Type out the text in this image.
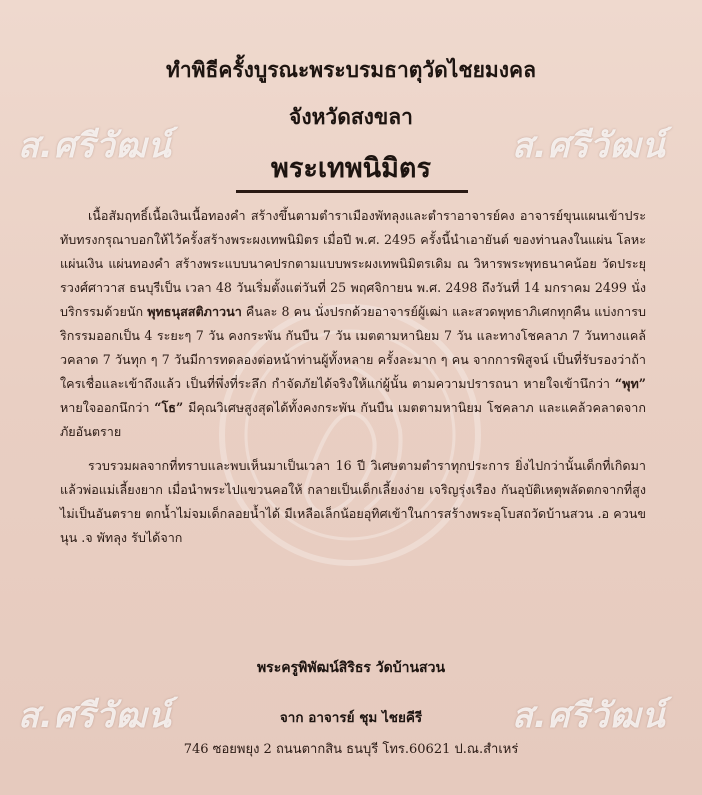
ส.ศรีวัฒน์	ส.ศรีวัฒน์
ส.ศรีวัฒน์	ส.ศรีวัฒน์
ทำพิธีครั้งบูรณะพระบรมธาตุวัดไชยมงคล
จังหวัดสงขลา
พระเทพนิมิตร

เนื้อสัมฤทธิ์เนื้อเงินเนื้อทองคำ สร้างขึ้นตามตำราเมืองพัทลุงและตำราอาจารย์คง อาจารย์ขุนแผนเข้าประทับทรงกรุณาบอกให้ไว้ครั้งสร้างพระผงเทพนิมิตร เมื่อปี พ.ศ. 2495 ครั้งนี้นำเอายันต์ ของท่านลงในแผ่น โลหะ แผ่นเงิน แผ่นทองคำ สร้างพระแบบนาคปรกตามแบบพระผงเทพนิมิตรเดิม ณ วิหารพระพุทธนาคน้อย วัดประยุรวงศ์ศาวาส ธนบุรีเป็น เวลา 48 วันเริ่มตั้งแต่วันที่ 25 พฤศจิกายน พ.ศ. 2498 ถึงวันที่ 14 มกราคม 2499 นั่งบริกรรมด้วยนัก พุทธนุสสติภาวนา คืนละ 8 คน นั่งปรกด้วยอาจารย์ผู้เฒ่า และสวดพุทธาภิเศกทุกคืน แบ่งการบริกรรมออกเป็น 4 ระยะๆ 7 วัน คงกระพัน กันบืน 7 วัน เมตตามหานิยม 7 วัน และทางโชคลาภ 7 วันทางแคล้วคลาด 7 วันทุก ๆ 7 วันมีการทดลองต่อหน้าท่านผู้ทั้งหลาย ครั้งละมาก ๆ คน จากการพิสูจน์ เป็นที่รับรองว่าถ้าใครเชื่อและเข้าถึงแล้ว เป็นที่พึ่งที่ระลึก กำจัดภัยได้จริงให้แก่ผู้นั้น ตามความปรารถนา หายใจเข้านึกว่า “พุท” หายใจออกนึกว่า “โธ” มีคุณวิเศษสูงสุดได้ทั้งคงกระพัน กันบืน เมตตามหานิยม โชคลาภ และแคล้วคลาดจากภัยอันตราย

รวบรวมผลจากที่ทราบและพบเห็นมาเป็นเวลา 16 ปี วิเศษตามตำราทุกประการ ยิ่งไปกว่านั้นเด็กที่เกิดมาแล้วพ่อแม่เลี้ยงยาก เมื่อนำพระไปแขวนคอให้ กลายเป็นเด็กเลี้ยงง่าย เจริญรุ่งเรือง กันอุบัติเหตุพลัดตกจากที่สูงไม่เป็นอันตราย ตกน้ำไม่จมเด็กลอยน้ำได้ มีเหลือเล็กน้อยอุทิศเข้าในการสร้างพระอุโบสถวัดบ้านสวน .อ ควนขนุน .จ พัทลุง รับได้จาก

พระครูพิพัฒน์สิริธร วัดบ้านสวน
จาก อาจารย์ ชุม ไชยคีรี
746 ซอยพยุง 2 ถนนตากสิน ธนบุรี โทร.60621 ป.ณ.สำเหร่
